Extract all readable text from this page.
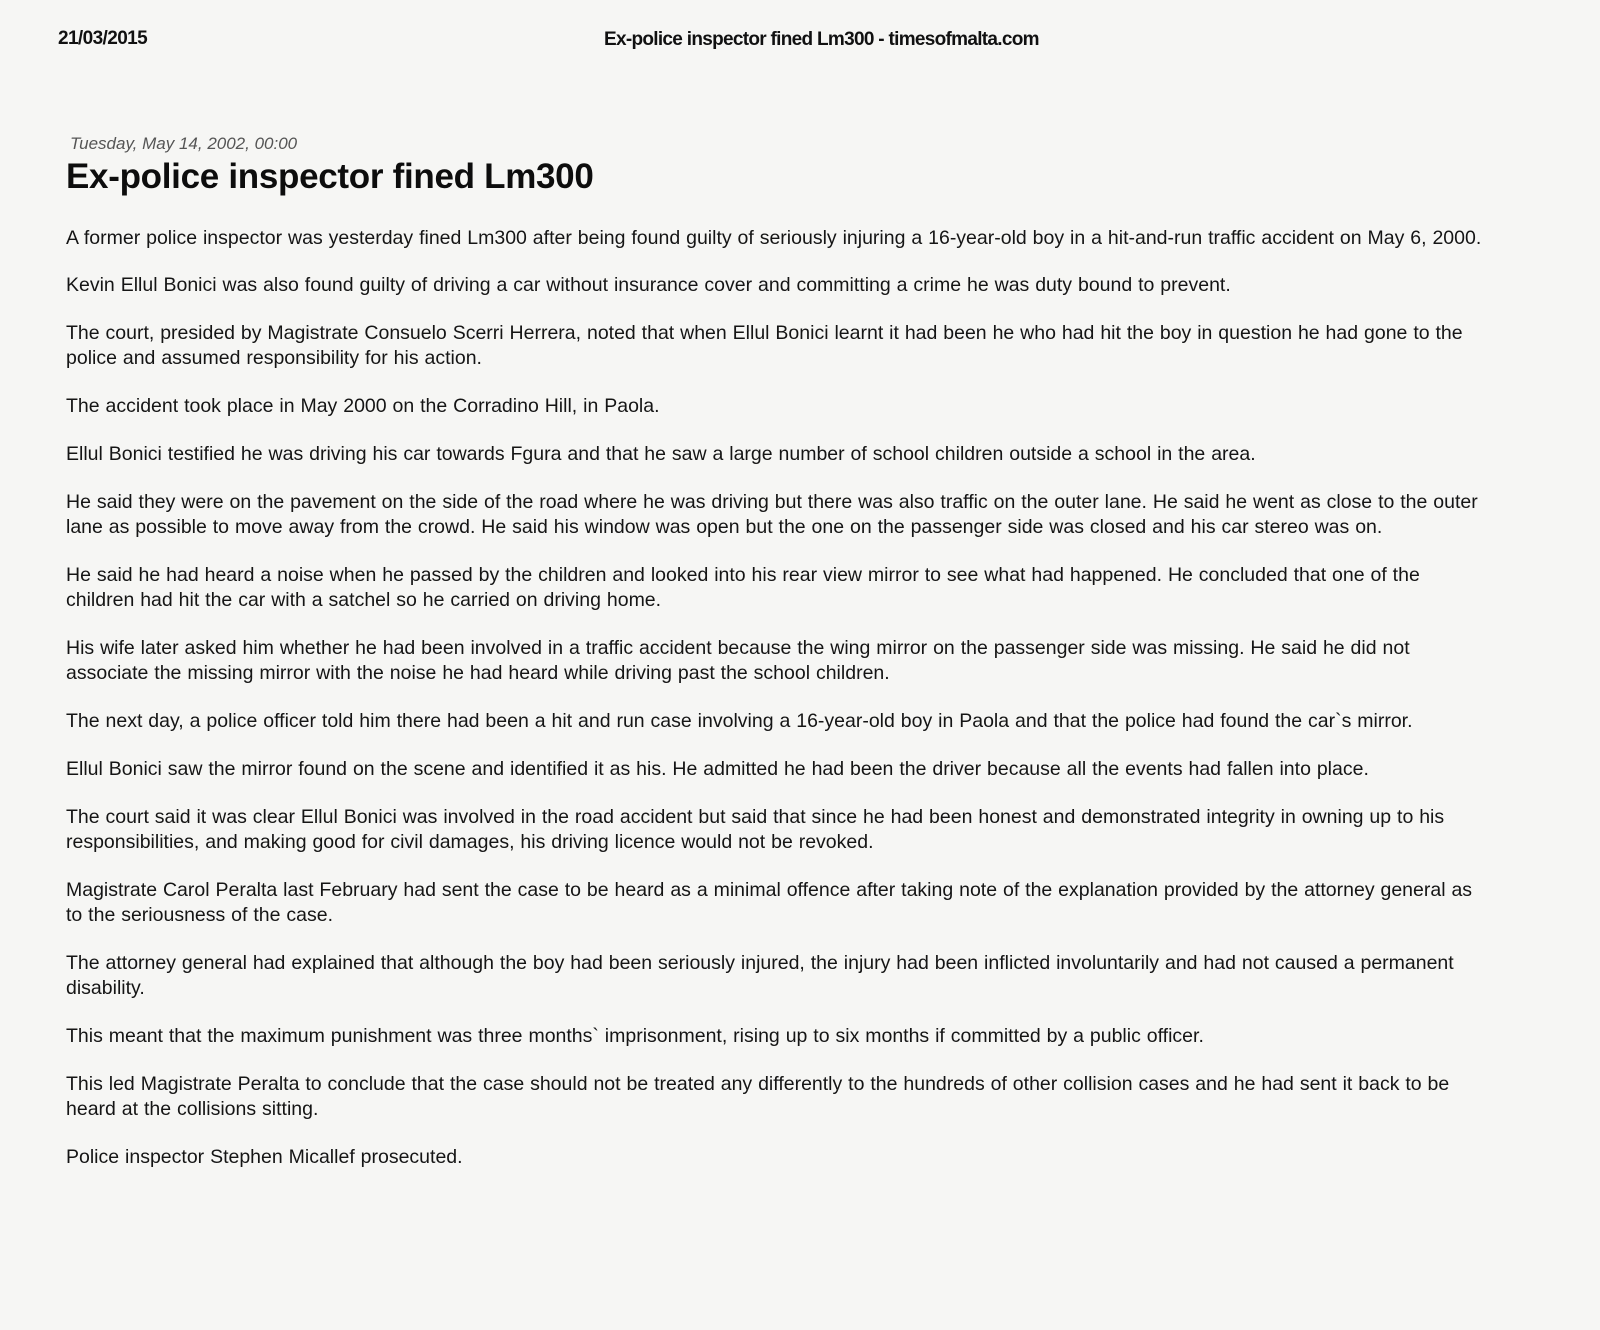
21/03/2015	Ex-police inspector fined Lm300 - timesofmalta.com
Tuesday, May 14, 2002, 00:00
Ex-police inspector fined Lm300

A former police inspector was yesterday fined Lm300 after being found guilty of seriously injuring a 16-year-old boy in a hit-and-run traffic accident on May 6, 2000.

Kevin Ellul Bonici was also found guilty of driving a car without insurance cover and committing a crime he was duty bound to prevent.

The court, presided by Magistrate Consuelo Scerri Herrera, noted that when Ellul Bonici learnt it had been he who had hit the boy in question he had gone to the police and assumed responsibility for his action.

The accident took place in May 2000 on the Corradino Hill, in Paola.

Ellul Bonici testified he was driving his car towards Fgura and that he saw a large number of school children outside a school in the area.

He said they were on the pavement on the side of the road where he was driving but there was also traffic on the outer lane. He said he went as close to the outer lane as possible to move away from the crowd. He said his window was open but the one on the passenger side was closed and his car stereo was on.

He said he had heard a noise when he passed by the children and looked into his rear view mirror to see what had happened. He concluded that one of the children had hit the car with a satchel so he carried on driving home.

His wife later asked him whether he had been involved in a traffic accident because the wing mirror on the passenger side was missing. He said he did not associate the missing mirror with the noise he had heard while driving past the school children.

The next day, a police officer told him there had been a hit and run case involving a 16-year-old boy in Paola and that the police had found the car`s mirror.

Ellul Bonici saw the mirror found on the scene and identified it as his. He admitted he had been the driver because all the events had fallen into place.

The court said it was clear Ellul Bonici was involved in the road accident but said that since he had been honest and demonstrated integrity in owning up to his responsibilities, and making good for civil damages, his driving licence would not be revoked.

Magistrate Carol Peralta last February had sent the case to be heard as a minimal offence after taking note of the explanation provided by the attorney general as to the seriousness of the case.

The attorney general had explained that although the boy had been seriously injured, the injury had been inflicted involuntarily and had not caused a permanent disability.

This meant that the maximum punishment was three months` imprisonment, rising up to six months if committed by a public officer.

This led Magistrate Peralta to conclude that the case should not be treated any differently to the hundreds of other collision cases and he had sent it back to be heard at the collisions sitting.

Police inspector Stephen Micallef prosecuted.
